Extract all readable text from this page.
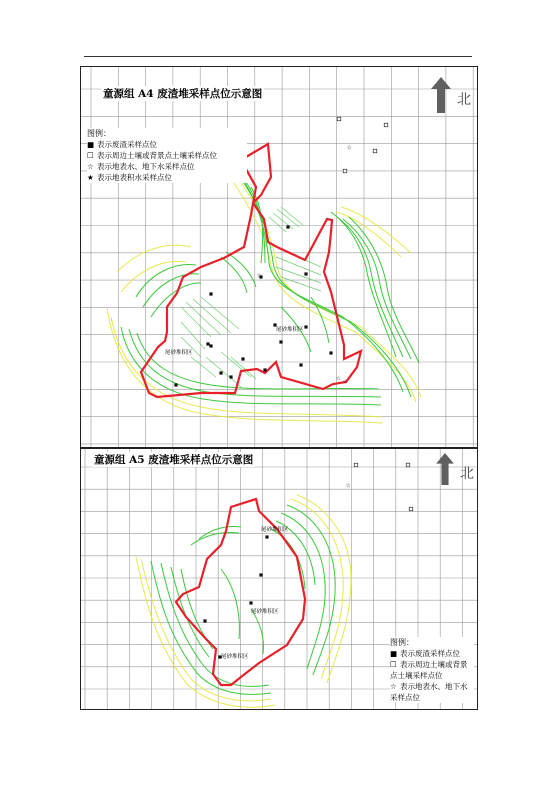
☆
☆
☆ ☆
尾砂堆积区
尾砂堆积区
童源组 A4 废渣堆采样点位示意图	北
图例：
■ 表示废渣采样点位
☐ 表示周边土壤或背景点土壤采样点位
☆ 表示地表水、地下水采样点位
★ 表示地表积水采样点位
☆
尾砂堆积区
尾砂堆积区
尾砂堆积区
童源组 A5 废渣堆采样点位示意图
北
图例：
■ 表示废渣采样点位
☐ 表示周边土壤或背景
点土壤采样点位
☆ 表示地表水、地下水
采样点位
